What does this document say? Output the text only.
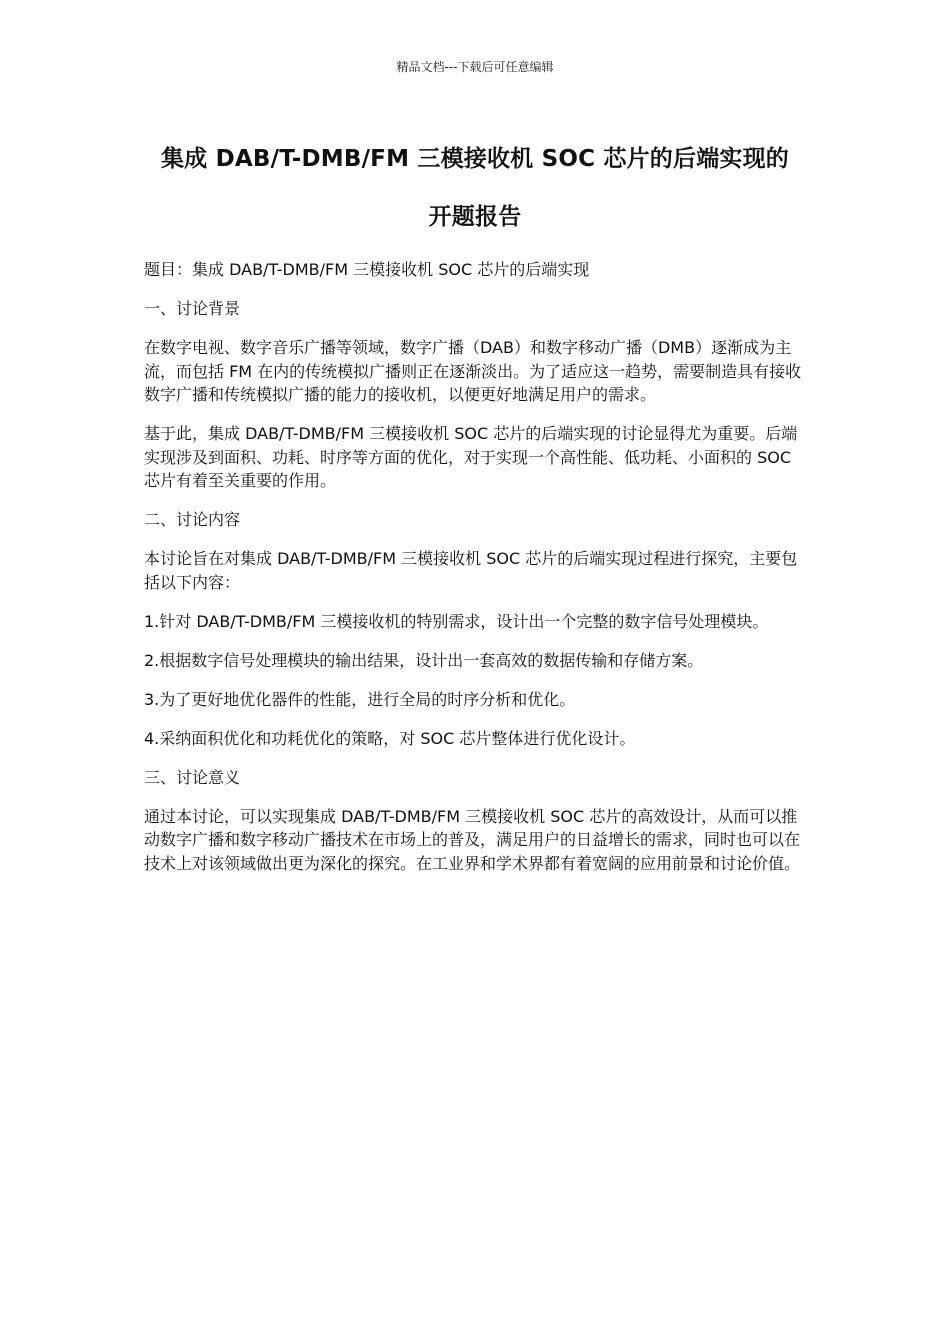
精品文档---下载后可任意编辑
集成 DAB/T-DMB/FM 三模接收机 SOC 芯片的后端实现的
开题报告

题目：集成 DAB/T-DMB/FM 三模接收机 SOC 芯片的后端实现

一、讨论背景

在数字电视、数字音乐广播等领域，数字广播（DAB）和数字移动广播（DMB）逐渐成为主流，而包括 FM 在内的传统模拟广播则正在逐渐淡出。为了适应这一趋势，需要制造具有接收数字广播和传统模拟广播的能力的接收机，以便更好地满足用户的需求。

基于此，集成 DAB/T-DMB/FM 三模接收机 SOC 芯片的后端实现的讨论显得尤为重要。后端实现涉及到面积、功耗、时序等方面的优化，对于实现一个高性能、低功耗、小面积的 SOC 芯片有着至关重要的作用。

二、讨论内容

本讨论旨在对集成 DAB/T-DMB/FM 三模接收机 SOC 芯片的后端实现过程进行探究，主要包括以下内容：

1.针对 DAB/T-DMB/FM 三模接收机的特别需求，设计出一个完整的数字信号处理模块。

2.根据数字信号处理模块的输出结果，设计出一套高效的数据传输和存储方案。

3.为了更好地优化器件的性能，进行全局的时序分析和优化。

4.采纳面积优化和功耗优化的策略，对 SOC 芯片整体进行优化设计。

三、讨论意义

通过本讨论，可以实现集成 DAB/T-DMB/FM 三模接收机 SOC 芯片的高效设计，从而可以推动数字广播和数字移动广播技术在市场上的普及，满足用户的日益增长的需求，同时也可以在技术上对该领域做出更为深化的探究。在工业界和学术界都有着宽阔的应用前景和讨论价值。
